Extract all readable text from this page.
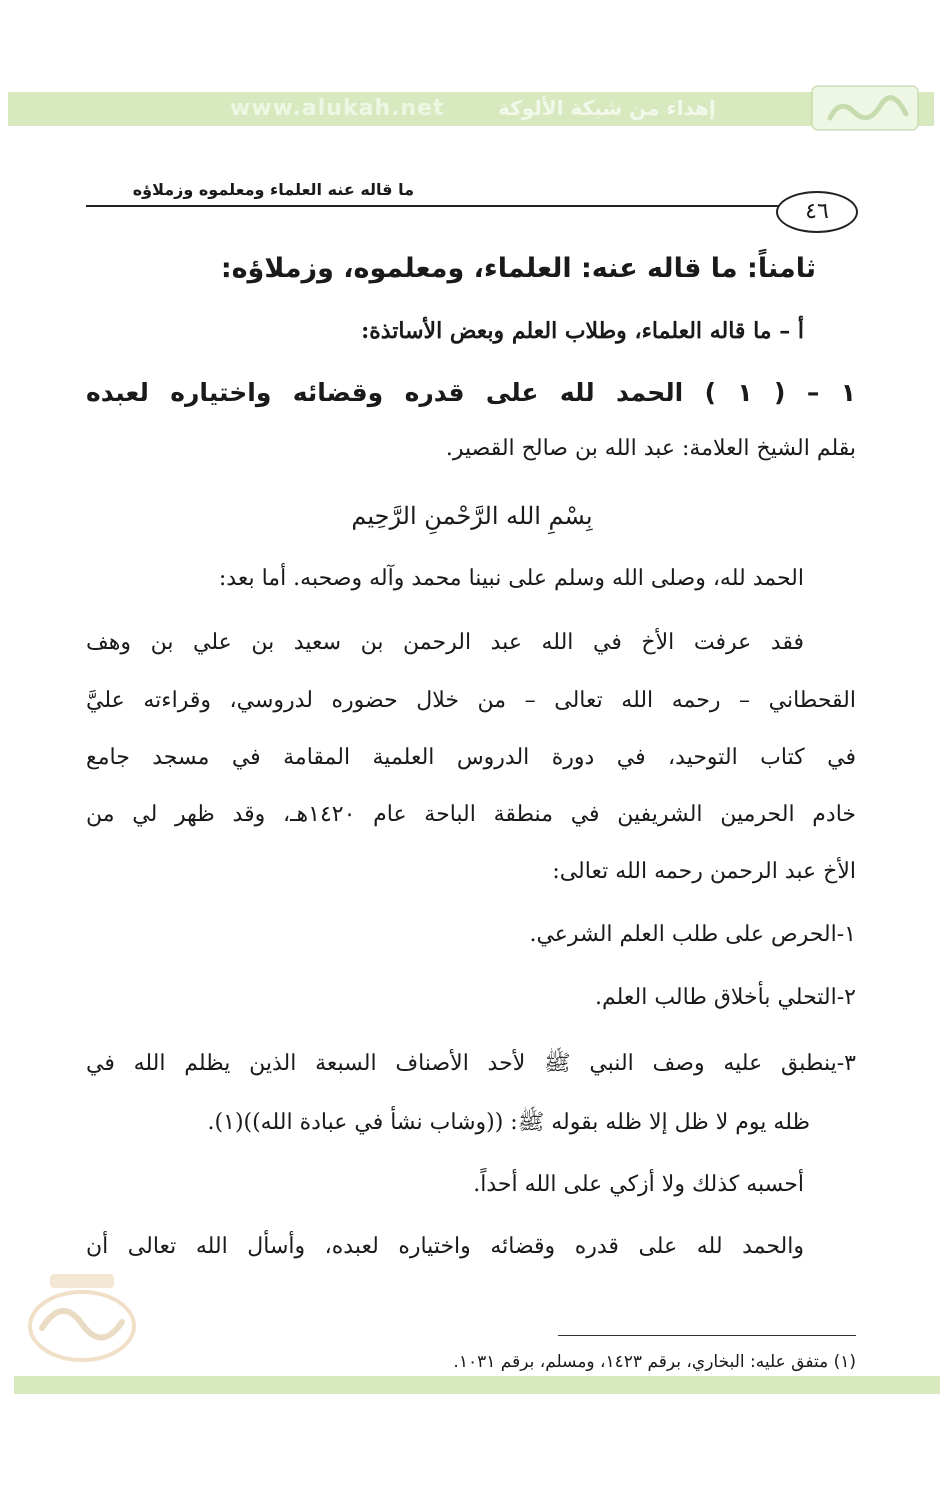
www.alukah.net	إهداء من شبكة الألوكة
ما قاله عنه العلماء ومعلموه وزملاؤه
٤٦
ثامناً: ما قاله عنه: العلماء، ومعلموه، وزملاؤه:
أ – ما قاله العلماء، وطلاب العلم وبعض الأساتذة:
١ – ( ١ ) الحمد لله على قدره وقضائه واختياره لعبده
بقلم الشيخ العلامة: عبد الله بن صالح القصير.
بِسْمِ الله الرَّحْمنِ الرَّحِيم
الحمد لله، وصلى الله وسلم على نبينا محمد وآله وصحبه. أما بعد:
فقد عرفت الأخ في الله عبد الرحمن بن سعيد بن علي بن وهف
القحطاني – رحمه الله تعالى – من خلال حضوره لدروسي، وقراءته عليَّ
في كتاب التوحيد، في دورة الدروس العلمية المقامة في مسجد جامع
خادم الحرمين الشريفين في منطقة الباحة عام ١٤٢٠هـ، وقد ظهر لي من
الأخ عبد الرحمن رحمه الله تعالى:
١-الحرص على طلب العلم الشرعي.
٢-التحلي بأخلاق طالب العلم.
٣-ينطبق عليه وصف النبي ﷺ لأحد الأصناف السبعة الذين يظلم الله في
ظله يوم لا ظل إلا ظله بقوله ﷺ: ((وشاب نشأ في عبادة الله))(١).
أحسبه كذلك ولا أزكي على الله أحداً.
والحمد لله على قدره وقضائه واختياره لعبده، وأسأل الله تعالى أن
(١) متفق عليه: البخاري، برقم ١٤٢٣، ومسلم، برقم ١٠٣١.
